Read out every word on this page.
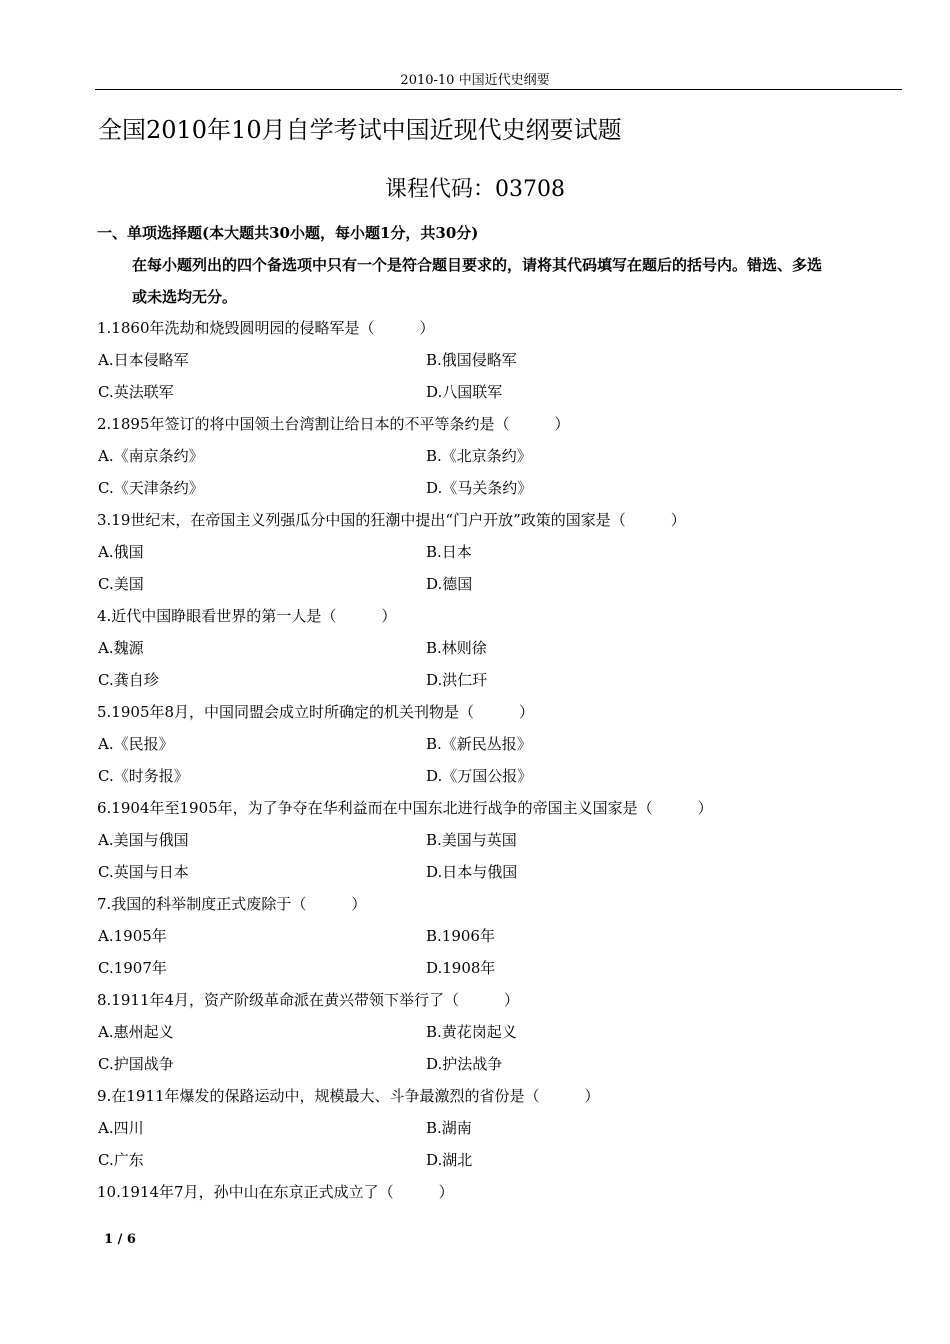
2010-10 中国近代史纲要
全国2010年10月自学考试中国近现代史纲要试题
课程代码：03708
一、单项选择题(本大题共30小题，每小题1分，共30分)
在每小题列出的四个备选项中只有一个是符合题目要求的，请将其代码填写在题后的括号内。错选、多选
或未选均无分。
1.1860年洗劫和烧毁圆明园的侵略军是（　　　）
A.日本侵略军	B.俄国侵略军
C.英法联军	D.八国联军
2.1895年签订的将中国领土台湾割让给日本的不平等条约是（　　　）
A.《南京条约》	B.《北京条约》
C.《天津条约》	D.《马关条约》
3.19世纪末，在帝国主义列强瓜分中国的狂潮中提出“门户开放”政策的国家是（　　　）
A.俄国	B.日本
C.美国	D.德国
4.近代中国睁眼看世界的第一人是（　　　）
A.魏源	B.林则徐
C.龚自珍	D.洪仁玕
5.1905年8月，中国同盟会成立时所确定的机关刊物是（　　　）
A.《民报》	B.《新民丛报》
C.《时务报》	D.《万国公报》
6.1904年至1905年，为了争夺在华利益而在中国东北进行战争的帝国主义国家是（　　　）
A.美国与俄国	B.美国与英国
C.英国与日本	D.日本与俄国
7.我国的科举制度正式废除于（　　　）
A.1905年	B.1906年
C.1907年	D.1908年
8.1911年4月，资产阶级革命派在黄兴带领下举行了（　　　）
A.惠州起义	B.黄花岗起义
C.护国战争	D.护法战争
9.在1911年爆发的保路运动中，规模最大、斗争最激烈的省份是（　　　）
A.四川	B.湖南
C.广东	D.湖北
10.1914年7月，孙中山在东京正式成立了（　　　）
1 / 6
